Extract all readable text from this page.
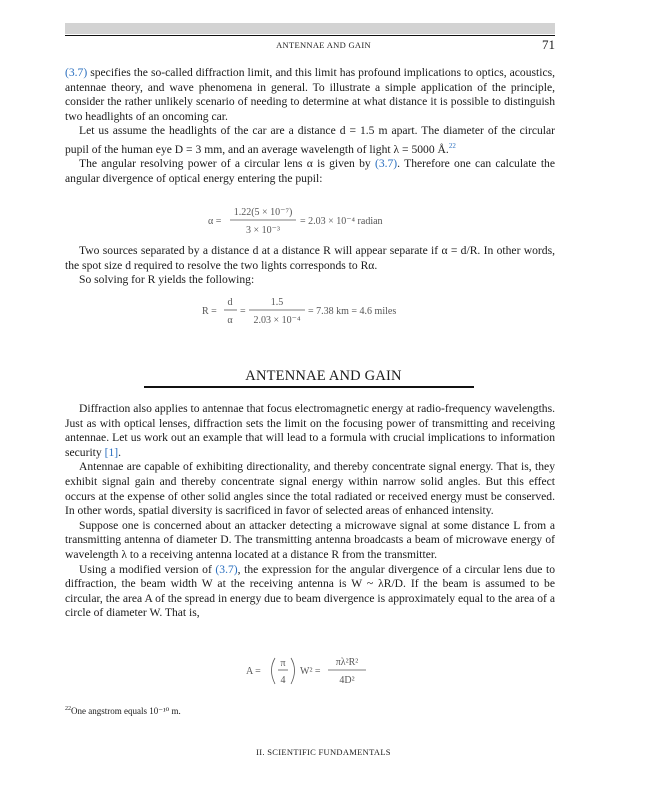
ANTENNAE AND GAIN	71

(3.7) specifies the so-called diffraction limit, and this limit has profound implications to optics, acoustics, antennae theory, and wave phenomena in general. To illustrate a simple application of the principle, consider the rather unlikely scenario of needing to determine at what distance it is possible to distinguish two headlights of an oncoming car.

Let us assume the headlights of the car are a distance d = 1.5 m apart. The diameter of the circular pupil of the human eye D = 3 mm, and an average wavelength of light λ = 5000 Å.$^{22}$

The angular resolving power of a circular lens α is given by (3.7). Therefore one can calculate the angular divergence of optical energy entering the pupil:

α =
1.22(5 × 10⁻⁷)
3 × 10⁻³
= 2.03 × 10⁻⁴ radian

Two sources separated by a distance d at a distance R will appear separate if α = d/R. In other words, the spot size d required to resolve the two lights corresponds to Rα.

So solving for R yields the following:

R =
d
α
=
1.5
2.03 × 10⁻⁴
= 7.38 km = 4.6 miles
ANTENNAE AND GAIN

Diffraction also applies to antennae that focus electromagnetic energy at radio-frequency wavelengths. Just as with optical lenses, diffraction sets the limit on the focusing power of transmitting and receiving antennae. Let us work out an example that will lead to a formula with crucial implications to information security [1].

Antennae are capable of exhibiting directionality, and thereby concentrate signal energy. That is, they exhibit signal gain and thereby concentrate signal energy within narrow solid angles. But this effect occurs at the expense of other solid angles since the total radiated or received energy must be conserved. In other words, spatial diversity is sacrificed in favor of selected areas of enhanced intensity.

Suppose one is concerned about an attacker detecting a microwave signal at some distance L from a transmitting antenna of diameter D. The transmitting antenna broadcasts a beam of microwave energy of wavelength λ to a receiving antenna located at a distance R from the transmitter.

Using a modified version of (3.7), the expression for the angular divergence of a circular lens due to diffraction, the beam width W at the receiving antenna is W ~ λR/D. If the beam is assumed to be circular, the area A of the spread in energy due to beam divergence is approximately equal to the area of a circle of diameter W. That is,

A =
π
4
W² =
πλ²R²
4D²
$^{22}$One angstrom equals 10⁻¹⁰ m.
II. SCIENTIFIC FUNDAMENTALS
